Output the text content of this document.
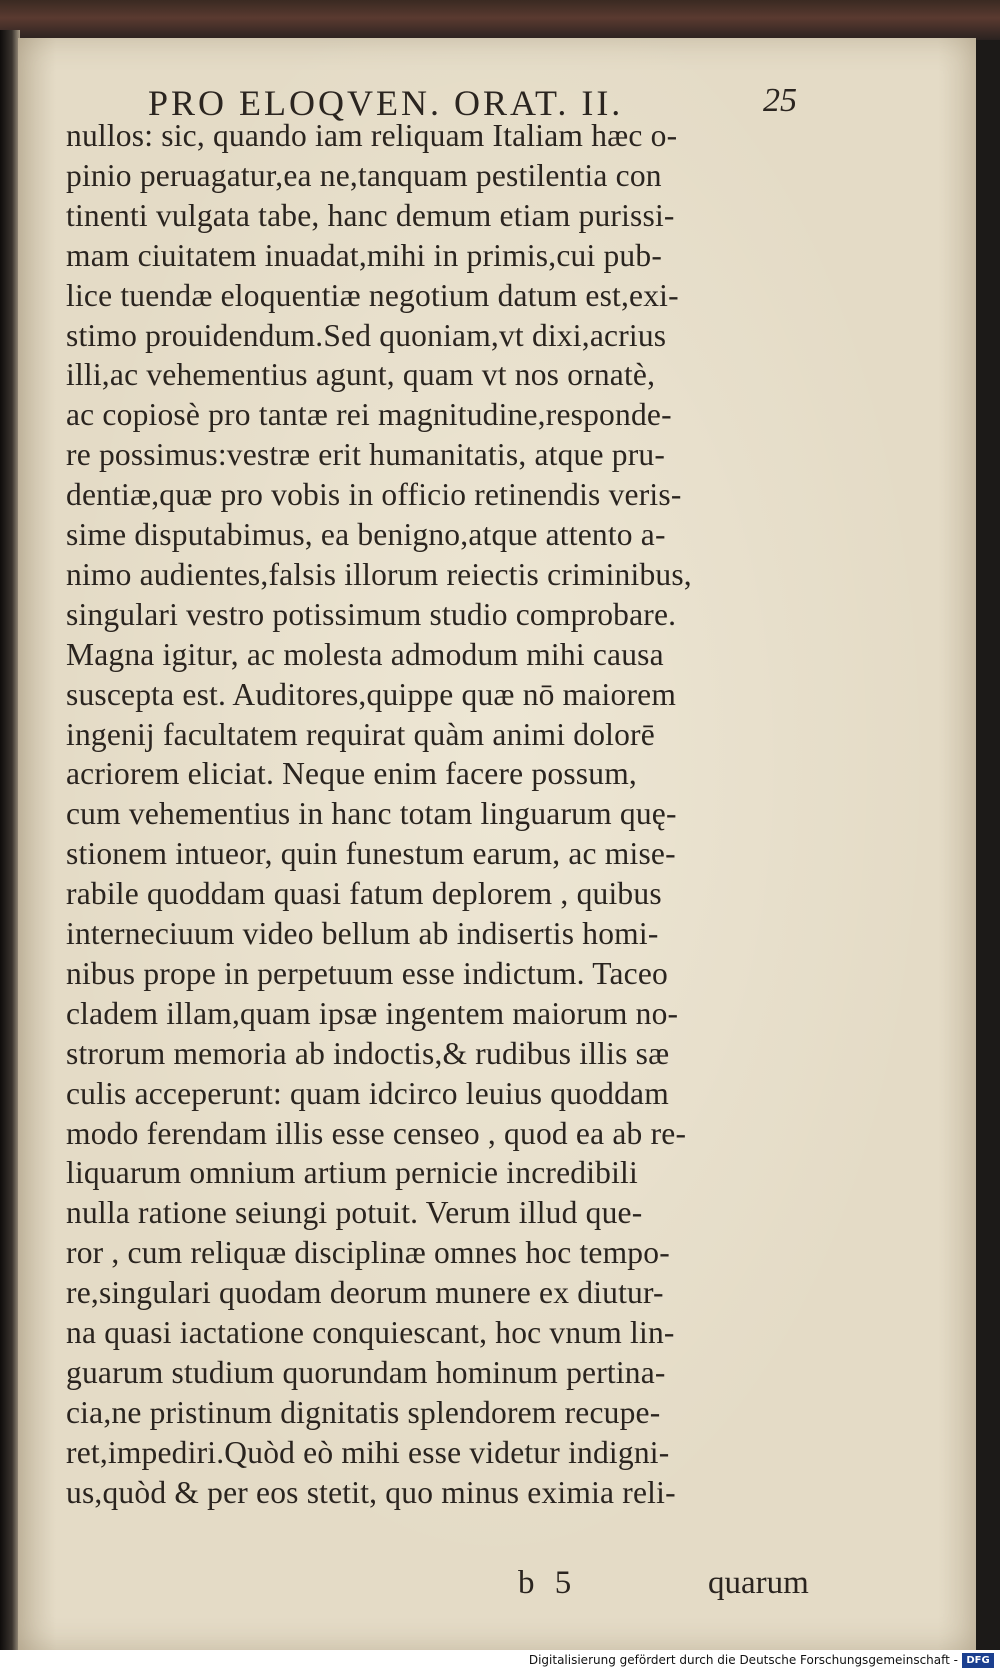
PRO ELOQVEN. ORAT. II.	25
nullos: sic, quando iam reliquam Italiam hæc o-
pinio peruagatur,ea ne,tanquam pestilentia con
tinenti vulgata tabe, hanc demum etiam purissi-
mam ciuitatem inuadat,mihi in primis,cui pub-
lice tuendæ eloquentiæ negotium datum est,exi-
stimo prouidendum.Sed quoniam,vt dixi,acrius
illi,ac vehementius agunt, quam vt nos ornatè,
ac copiosè pro tantæ rei magnitudine,responde-
re possimus:vestræ erit humanitatis, atque pru-
dentiæ,quæ pro vobis in officio retinendis veris-
sime disputabimus, ea benigno,atque attento a-
nimo audientes,falsis illorum reiectis criminibus,
singulari vestro potissimum studio comprobare.
Magna igitur, ac molesta admodum mihi causa
suscepta est. Auditores,quippe quæ nō maiorem
ingenij facultatem requirat quàm animi dolorē
acriorem eliciat. Neque enim facere possum,
cum vehementius in hanc totam linguarum quę-
stionem intueor, quin funestum earum, ac mise-
rabile quoddam quasi fatum deplorem , quibus
interneciuum video bellum ab indisertis homi-
nibus prope in perpetuum esse indictum. Taceo
cladem illam,quam ipsæ ingentem maiorum no-
strorum memoria ab indoctis,& rudibus illis sæ
culis acceperunt: quam idcirco leuius quoddam
modo ferendam illis esse censeo , quod ea ab re-
liquarum omnium artium pernicie incredibili
nulla ratione seiungi potuit. Verum illud que-
ror , cum reliquæ disciplinæ omnes hoc tempo-
re,singulari quodam deorum munere ex diutur-
na quasi iactatione conquiescant, hoc vnum lin-
guarum studium quorundam hominum pertina-
cia,ne pristinum dignitatis splendorem recupe-
ret,impediri.Quòd eò mihi esse videtur indigni-
us,quòd & per eos stetit, quo minus eximia reli-
b 5	quarum
Digitalisierung gefördert durch die Deutsche Forschungsgemeinschaft - DFG
